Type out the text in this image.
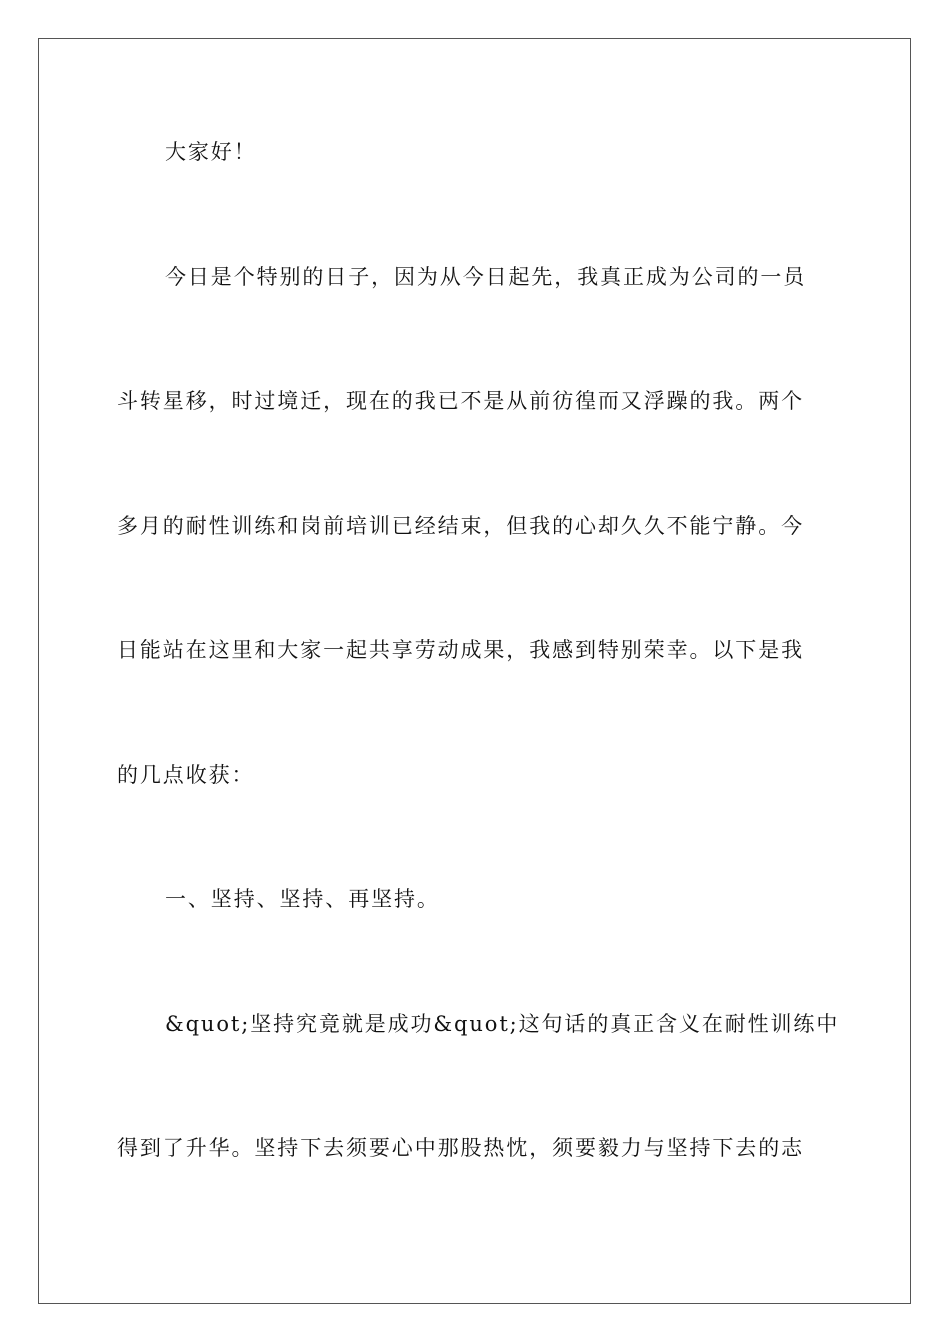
大家好！
今日是个特别的日子，因为从今日起先，我真正成为公司的一员
斗转星移，时过境迁，现在的我已不是从前彷徨而又浮躁的我。两个
多月的耐性训练和岗前培训已经结束，但我的心却久久不能宁静。今
日能站在这里和大家一起共享劳动成果，我感到特别荣幸。以下是我
的几点收获：
一、坚持、坚持、再坚持。
&quot;坚持究竟就是成功&quot;这句话的真正含义在耐性训练中
得到了升华。坚持下去须要心中那股热忱，须要毅力与坚持下去的志
